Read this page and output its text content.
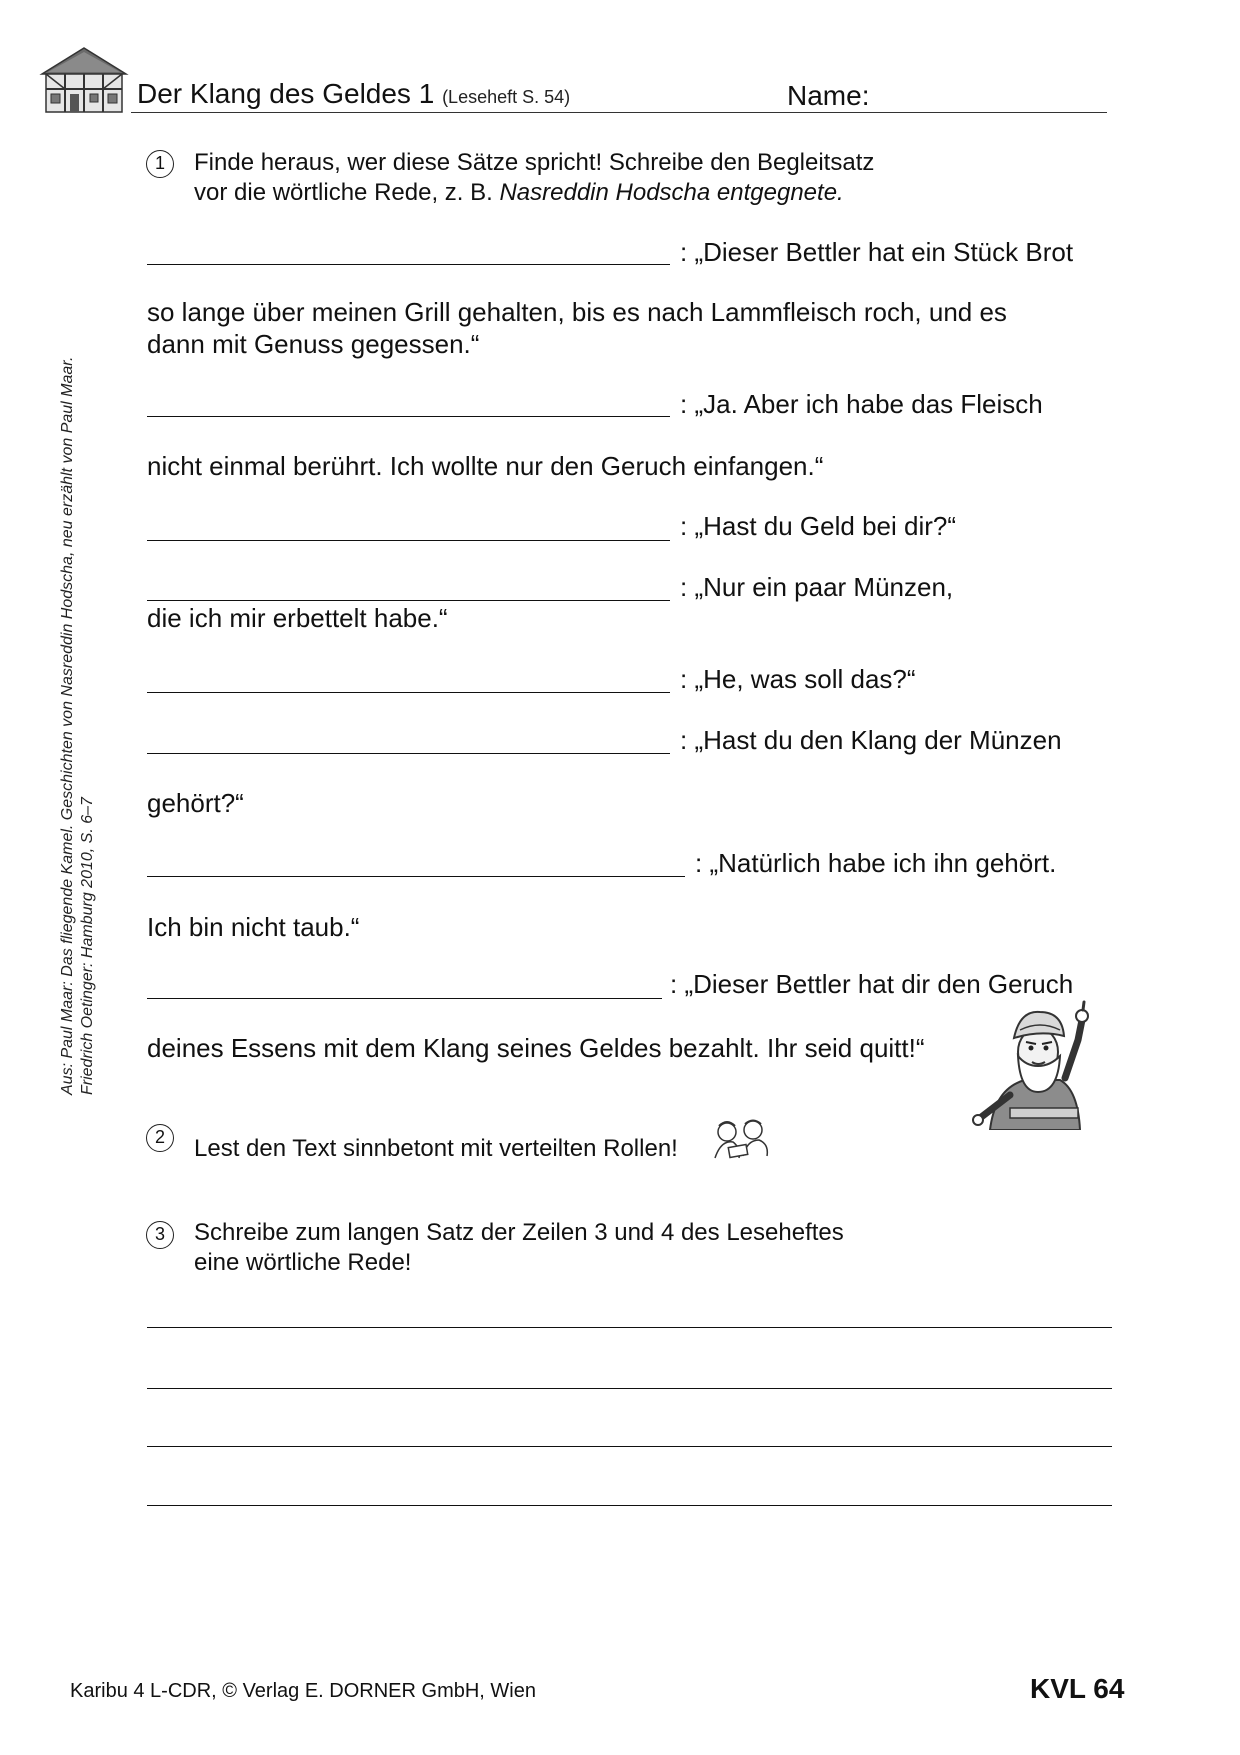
Der Klang des Geldes 1 (Leseheft S. 54)	Name:
Aus: Paul Maar: Das fliegende Kamel. Geschichten von Nasreddin Hodscha, neu erzählt von Paul Maar. Friedrich Oetinger: Hamburg 2010, S. 6–7
1	Finde heraus, wer diese Sätze spricht! Schreibe den Begleitsatz
vor die wörtliche Rede, z. B. Nasreddin Hodscha entgegnete.
: „Dieser Bettler hat ein Stück Brot
so lange über meinen Grill gehalten, bis es nach Lammfleisch roch, und es
dann mit Genuss gegessen.“
: „Ja. Aber ich habe das Fleisch
nicht einmal berührt. Ich wollte nur den Geruch einfangen.“
: „Hast du Geld bei dir?“
: „Nur ein paar Münzen,
die ich mir erbettelt habe.“
: „He, was soll das?“
: „Hast du den Klang der Münzen
gehört?“
: „Natürlich habe ich ihn gehört.
Ich bin nicht taub.“
: „Dieser Bettler hat dir den Geruch
deines Essens mit dem Klang seines Geldes bezahlt. Ihr seid quitt!“
2	Lest den Text sinnbetont mit verteilten Rollen!
3	Schreibe zum langen Satz der Zeilen 3 und 4 des Leseheftes
eine wörtliche Rede!
Karibu 4 L-CDR, © Verlag E. DORNER GmbH, Wien	KVL 64
